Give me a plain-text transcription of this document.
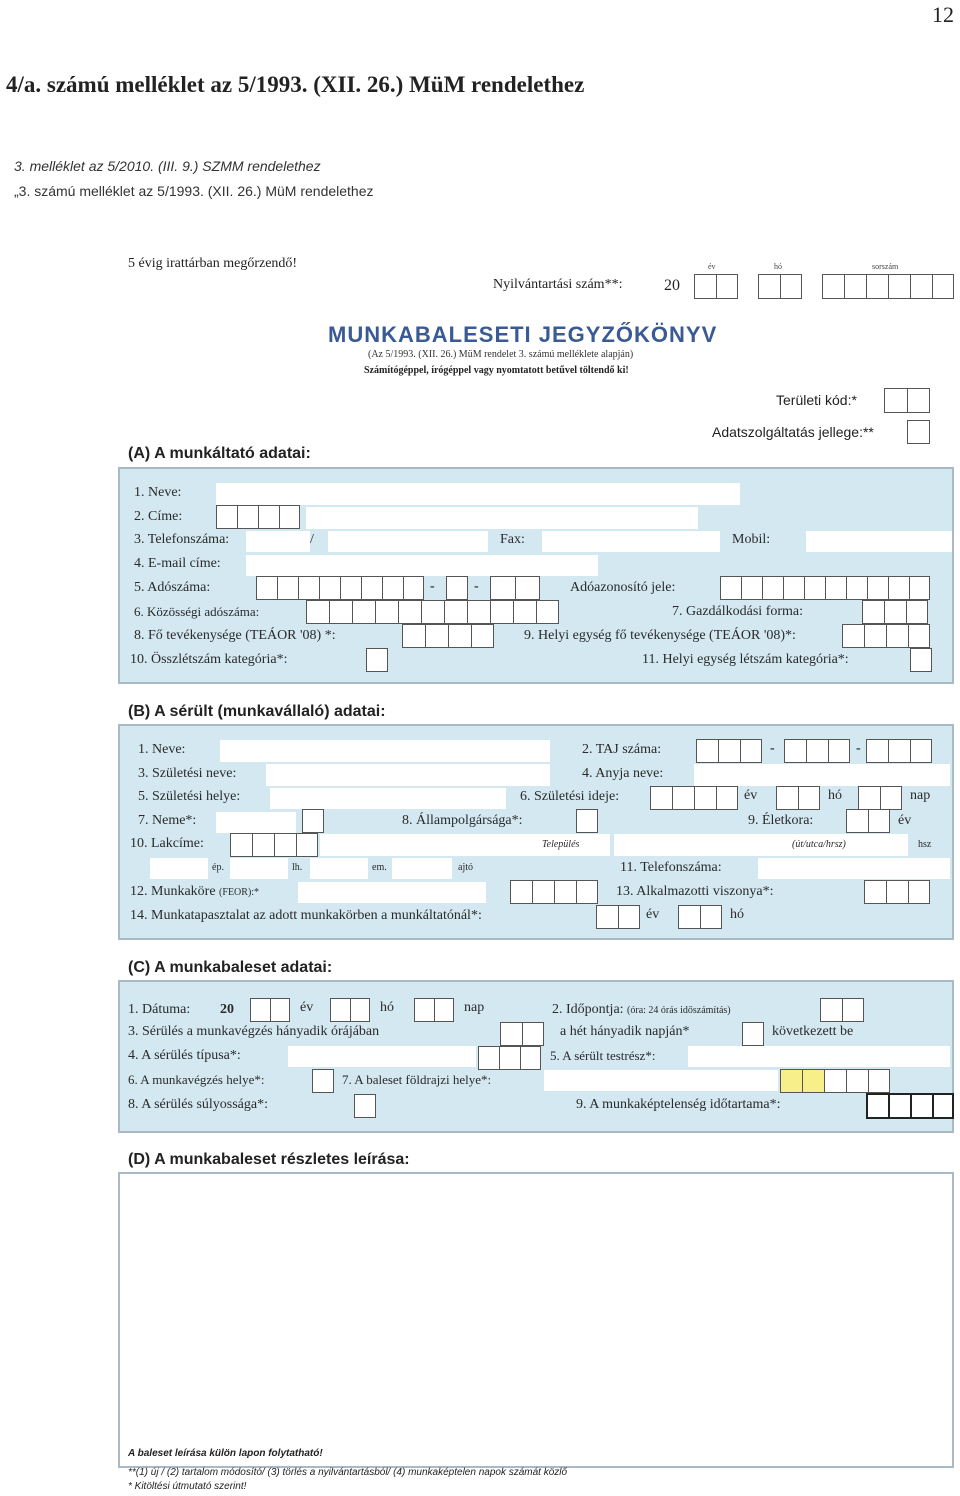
12
4/a. számú melléklet az 5/1993. (XII. 26.) MüM rendelethez
3. melléklet az 5/2010. (III. 9.) SZMM rendelethez
„3. számú melléklet az 5/1993. (XII. 26.) MüM rendelethez
5 évig irattárban megőrzendő!
Nyilvántartási szám**:	20
év	hó	sorszám
MUNKABALESETI JEGYZŐKÖNYV
(Az 5/1993. (XII. 26.) MüM rendelet 3. számú melléklete alapján)
Számítógéppel, írógéppel vagy nyomtatott betűvel töltendő ki!
Területi kód:*
Adatszolgáltatás jellege:**
(A) A munkáltató adatai:
1. Neve:
2. Címe:
3. Telefonszáma:	/	Fax:	Mobil:
4. E-mail címe:
5. Adószáma:	-	-	Adóazonosító jele:
6. Közösségi adószáma:	7. Gazdálkodási forma:
8. Fő tevékenysége (TEÁOR '08) *:	9. Helyi egység fő tevékenysége (TEÁOR '08)*:
10. Összlétszám kategória*:	11. Helyi egység létszám kategória*:
(B) A sérült (munkavállaló) adatai:
1. Neve:	2. TAJ száma:	-	-
3. Születési neve:	4. Anyja neve:
5. Születési helye:	6. Születési ideje:	év	hó	nap
7. Neme*:	8. Állampolgársága*:	9. Életkora:	év
10. Lakcíme:	Település	(út/utca/hrsz)	hsz
ép.	lh.	em.	ajtó	11. Telefonszáma:
12. Munkaköre (FEOR):*	13. Alkalmazotti viszonya*:
14. Munkatapasztalat az adott munkakörben a munkáltatónál*:	év	hó
(C) A munkabaleset adatai:
1. Dátuma: 20	év	hó	nap	2. Időpontja: (óra: 24 órás időszámítás)
3. Sérülés a munkavégzés hányadik órájában	a hét hányadik napján*	következett be
4. A sérülés típusa*:	5. A sérült testrész*:
6. A munkavégzés helye*:	7. A baleset földrajzi helye*:
8. A sérülés súlyossága*:	9. A munkaképtelenség időtartama*:
(D) A munkabaleset részletes leírása:
A baleset leírása külön lapon folytatható!
**(1) új / (2) tartalom módosító/ (3) törlés a nyilvántartásból/ (4) munkaképtelen napok számát közlő
* Kitöltési útmutató szerint!
